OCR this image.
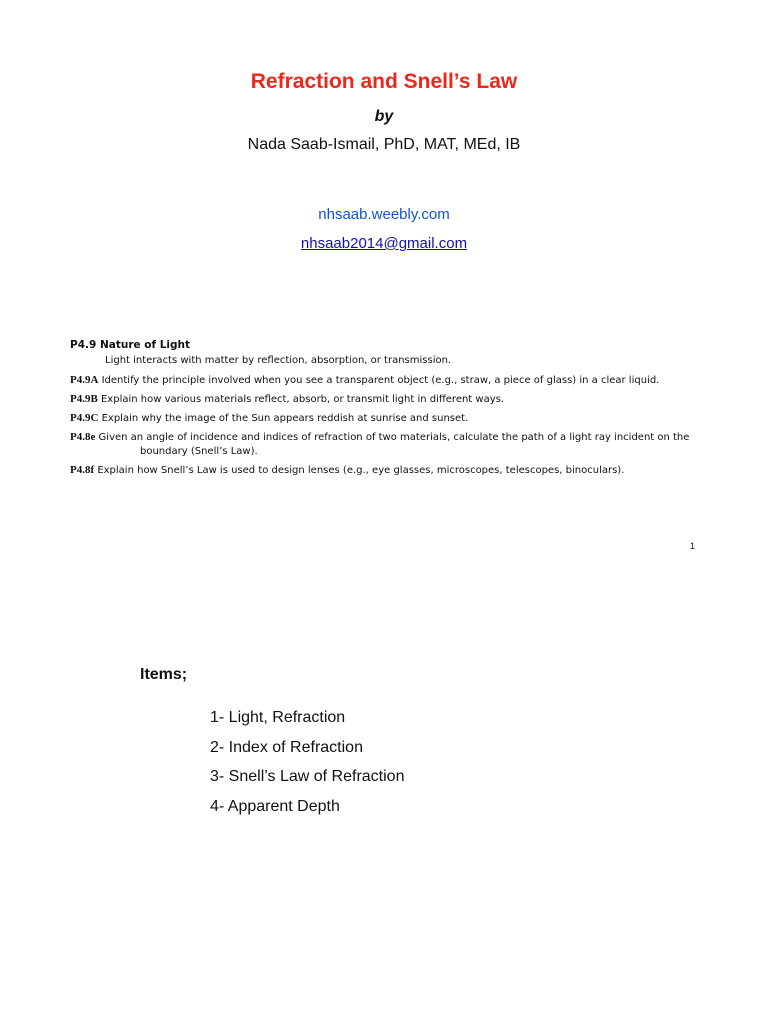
Refraction and Snell’s Law
by
Nada Saab-Ismail, PhD, MAT, MEd, IB
nhsaab.weebly.com
nhsaab2014@gmail.com
P4.9 Nature of Light
Light interacts with matter by reflection, absorption, or transmission.
P4.9A Identify the principle involved when you see a transparent object (e.g., straw, a piece of glass) in a clear liquid.
P4.9B Explain how various materials reflect, absorb, or transmit light in different ways.
P4.9C Explain why the image of the Sun appears reddish at sunrise and sunset.
P4.8e Given an angle of incidence and indices of refraction of two materials, calculate the path of a light ray incident on the boundary (Snell’s Law).
P4.8f Explain how Snell’s Law is used to design lenses (e.g., eye glasses, microscopes, telescopes, binoculars).
1
Items;
1- Light, Refraction
2- Index of Refraction
3- Snell’s Law of Refraction
4- Apparent Depth
